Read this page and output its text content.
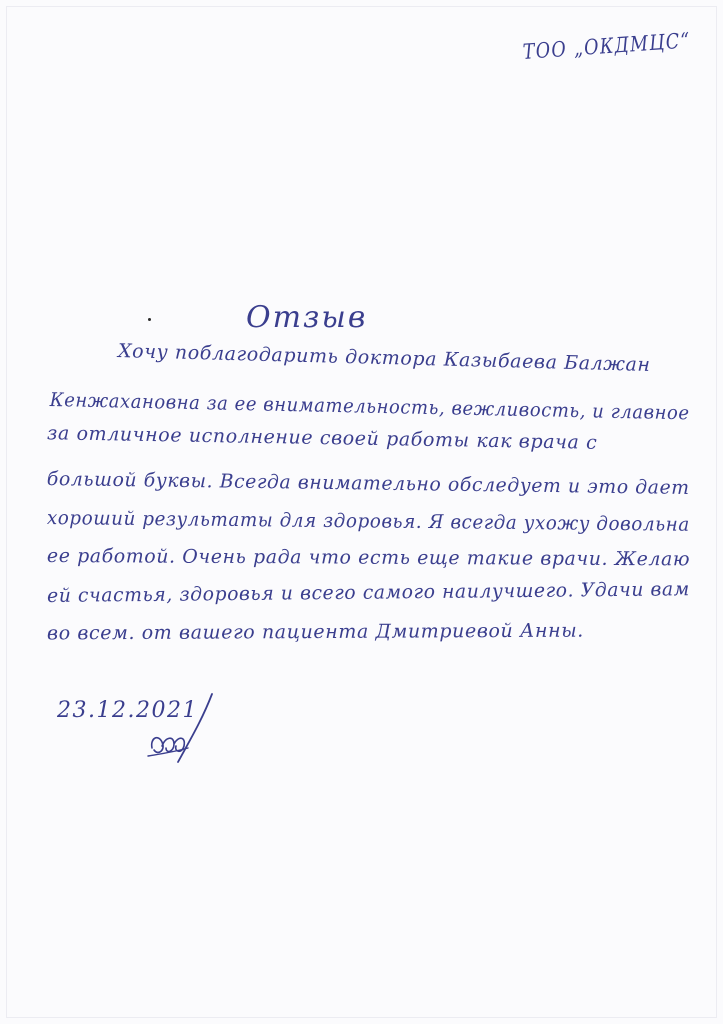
ТОО „ОКДМЦС“
Отзыв
Хочу поблагодарить доктора Казыбаева Балжан
Кенжахановна за ее внимательность, вежливость, и главное
за отличное исполнение своей работы как врача с
большой буквы. Всегда внимательно обследует и это дает
хороший результаты для здоровья. Я всегда ухожу довольна
ее работой. Очень рада что есть еще такие врачи. Желаю
ей счастья, здоровья и всего самого наилучшего. Удачи вам
во всем. от вашего пациента Дмитриевой Анны.
23.12.2021
